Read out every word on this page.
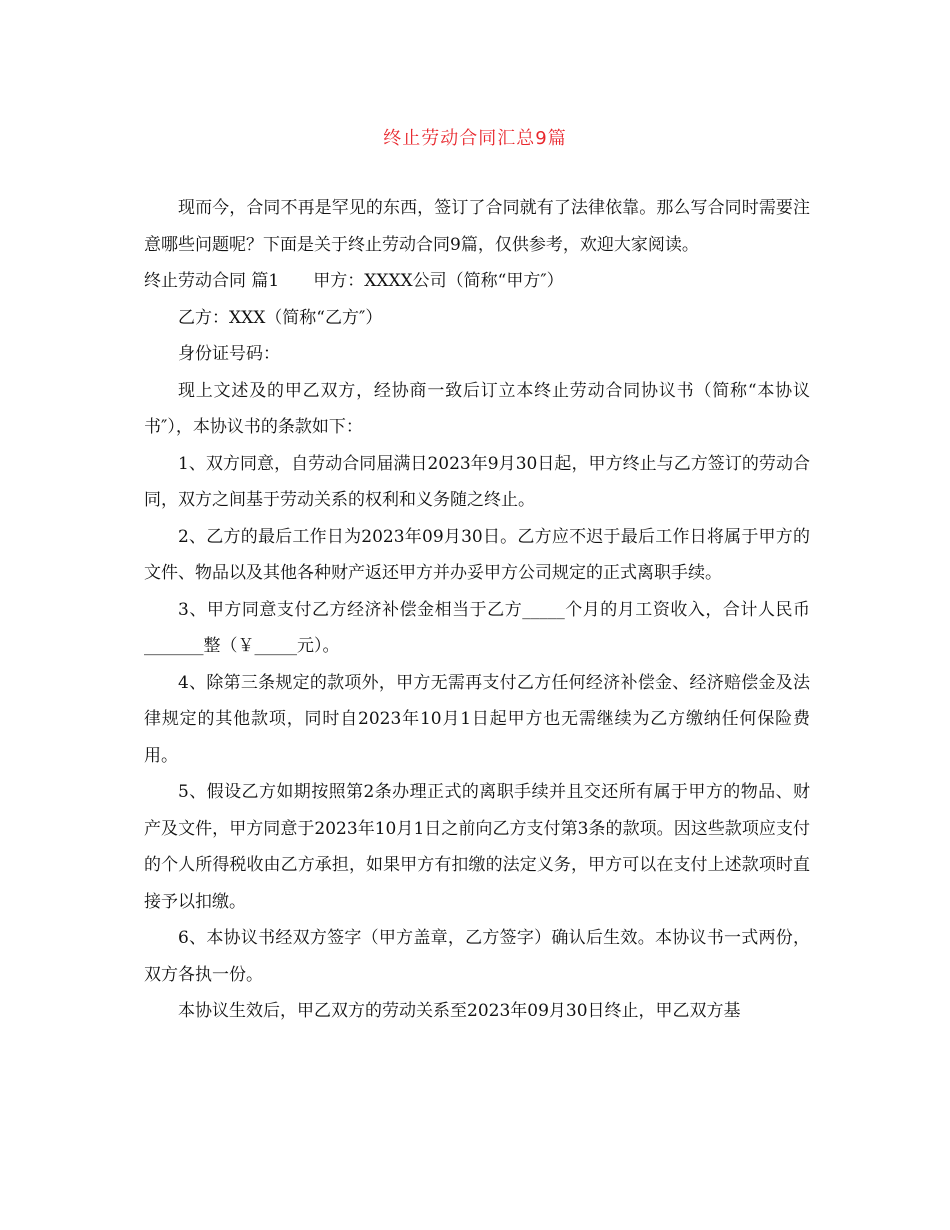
终止劳动合同汇总9篇

现而今，合同不再是罕见的东西，签订了合同就有了法律依靠。那么写合同时需要注意哪些问题呢？下面是关于终止劳动合同9篇，仅供参考，欢迎大家阅读。

终止劳动合同 篇1 甲方：XXXX公司（简称“甲方″）

乙方：XXX（简称“乙方″）

身份证号码：

现上文述及的甲乙双方，经协商一致后订立本终止劳动合同协议书（简称“本协议书″），本协议书的条款如下：

1、双方同意，自劳动合同届满日2023年9月30日起，甲方终止与乙方签订的劳动合同，双方之间基于劳动关系的权利和义务随之终止。

2、乙方的最后工作日为2023年09月30日。乙方应不迟于最后工作日将属于甲方的文件、物品以及其他各种财产返还甲方并办妥甲方公司规定的正式离职手续。

3、甲方同意支付乙方经济补偿金相当于乙方_____个月的月工资收入，合计人民币_______整（￥_____元）。

4、除第三条规定的款项外，甲方无需再支付乙方任何经济补偿金、经济赔偿金及法律规定的其他款项，同时自2023年10月1日起甲方也无需继续为乙方缴纳任何保险费用。

5、假设乙方如期按照第2条办理正式的离职手续并且交还所有属于甲方的物品、财产及文件，甲方同意于2023年10月1日之前向乙方支付第3条的款项。因这些款项应支付的个人所得税收由乙方承担，如果甲方有扣缴的法定义务，甲方可以在支付上述款项时直接予以扣缴。

6、本协议书经双方签字（甲方盖章，乙方签字）确认后生效。本协议书一式两份，双方各执一份。

本协议生效后，甲乙双方的劳动关系至2023年09月30日终止，甲乙双方基
